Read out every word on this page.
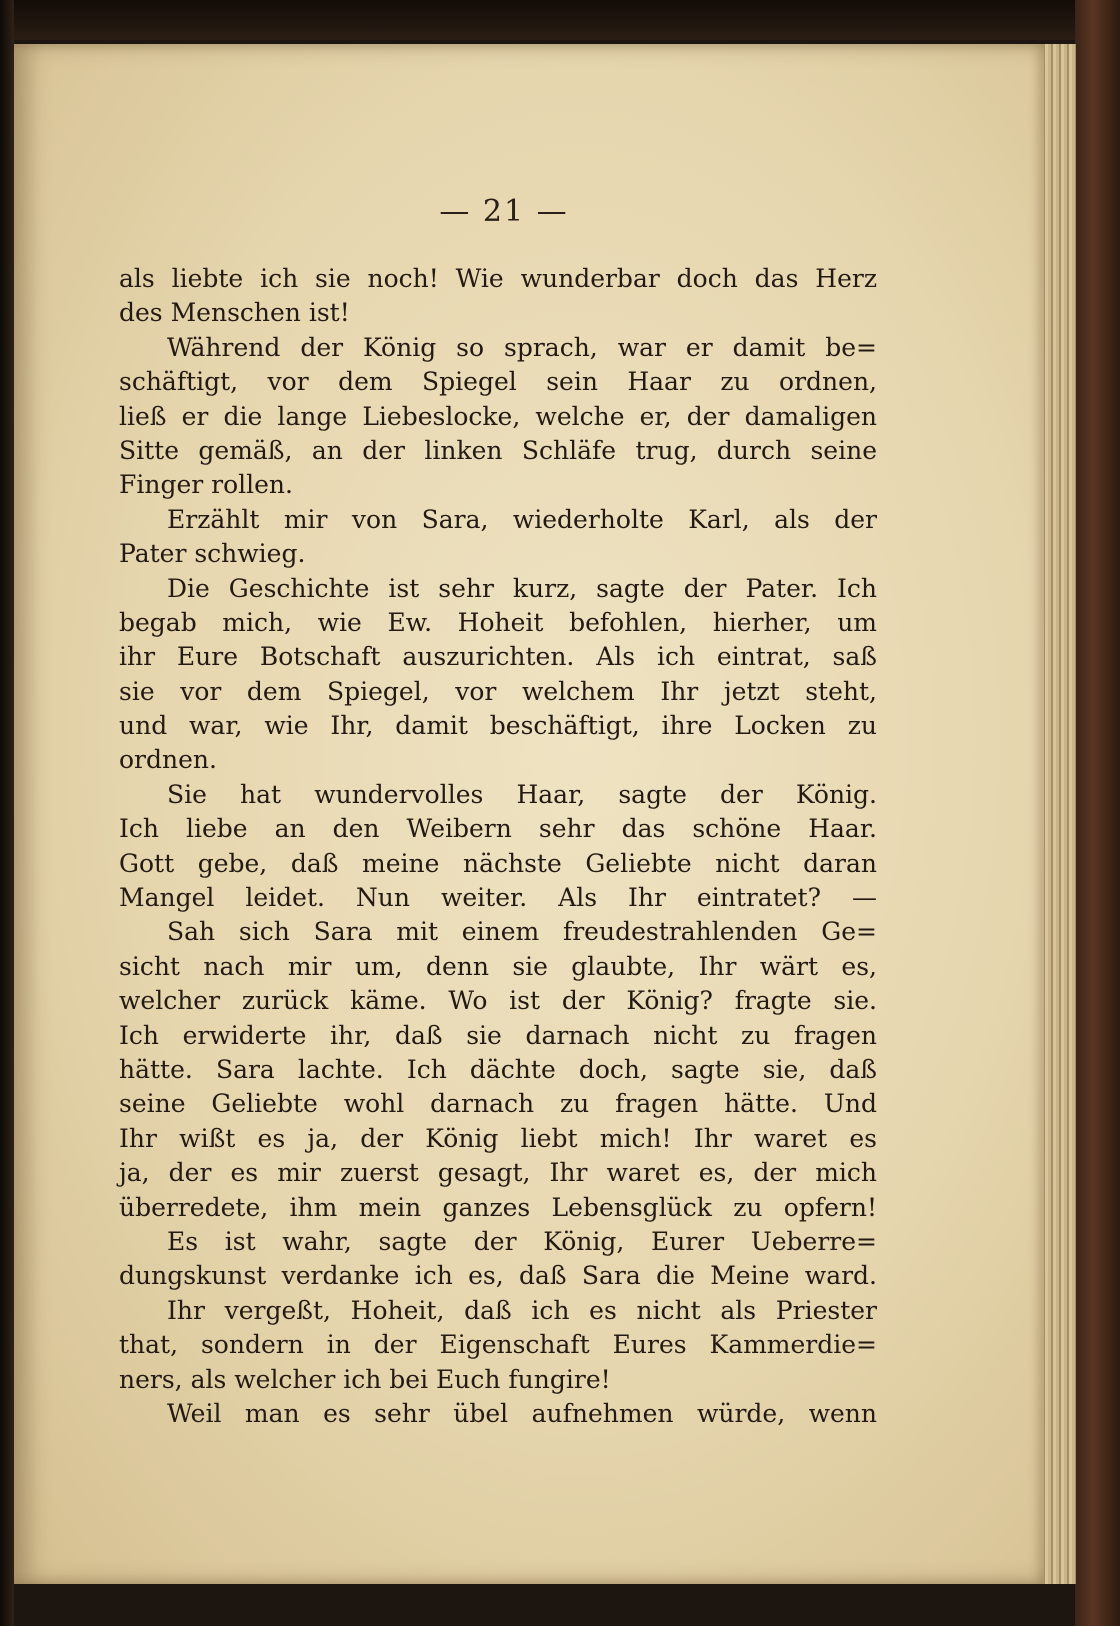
— 21 —
als liebte ich sie noch! Wie wunderbar doch das Herz
des Menschen ist!
Während der König so sprach, war er damit be=
schäftigt, vor dem Spiegel sein Haar zu ordnen,
ließ er die lange Liebeslocke, welche er, der damaligen
Sitte gemäß, an der linken Schläfe trug, durch seine
Finger rollen.
Erzählt mir von Sara, wiederholte Karl, als der
Pater schwieg.
Die Geschichte ist sehr kurz, sagte der Pater. Ich
begab mich, wie Ew. Hoheit befohlen, hierher, um
ihr Eure Botschaft auszurichten. Als ich eintrat, saß
sie vor dem Spiegel, vor welchem Ihr jetzt steht,
und war, wie Ihr, damit beschäftigt, ihre Locken zu
ordnen.
Sie hat wundervolles Haar, sagte der König.
Ich liebe an den Weibern sehr das schöne Haar.
Gott gebe, daß meine nächste Geliebte nicht daran
Mangel leidet. Nun weiter. Als Ihr eintratet? —
Sah sich Sara mit einem freudestrahlenden Ge=
sicht nach mir um, denn sie glaubte, Ihr wärt es,
welcher zurück käme. Wo ist der König? fragte sie.
Ich erwiderte ihr, daß sie darnach nicht zu fragen
hätte. Sara lachte. Ich dächte doch, sagte sie, daß
seine Geliebte wohl darnach zu fragen hätte. Und
Ihr wißt es ja, der König liebt mich! Ihr waret es
ja, der es mir zuerst gesagt, Ihr waret es, der mich
überredete, ihm mein ganzes Lebensglück zu opfern!
Es ist wahr, sagte der König, Eurer Ueberre=
dungskunst verdanke ich es, daß Sara die Meine ward.
Ihr vergeßt, Hoheit, daß ich es nicht als Priester
that, sondern in der Eigenschaft Eures Kammerdie=
ners, als welcher ich bei Euch fungire!
Weil man es sehr übel aufnehmen würde, wenn
